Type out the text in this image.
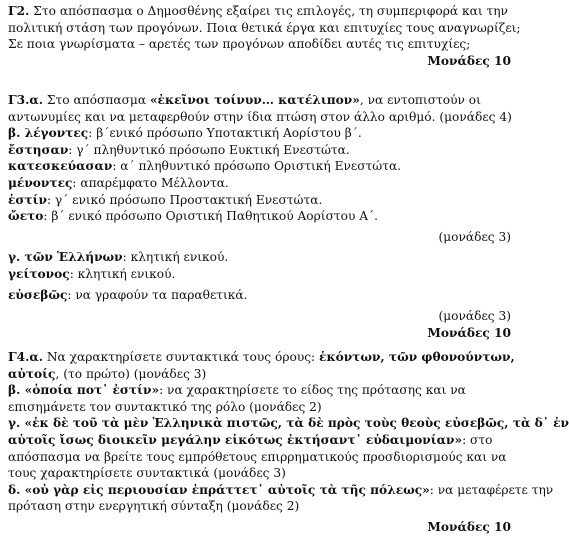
Γ2. Στο απόσπασμα ο Δημοσθένης εξαίρει τις επιλογές, τη συμπεριφορά και την
πολιτική στάση των προγόνων. Ποια θετικά έργα και επιτυχίες τους αναγνωρίζει;
Σε ποια γνωρίσματα – αρετές των προγόνων αποδίδει αυτές τις επιτυχίες;

Μονάδες 10
Γ3.α. Στο απόσπασμα «ἐκεῖνοι τοίνυν… κατέλιπον», να εντοπιστούν οι
αντωνυμίες και να μεταφερθούν στην ίδια πτώση στον άλλο αριθμό. (μονάδες 4)
β. λέγοντες: β΄ενικό πρόσωπο Υποτακτική Αορίστου β΄.
ἔστησαν: γ΄ πληθυντικό πρόσωπο Ευκτική Ενεστώτα.
κατεσκεύασαν: α΄ πληθυντικό πρόσωπο Οριστική Ενεστώτα.
μένοντες: απαρέμφατο Μέλλοντα.
ἐστίν: γ΄ ενικό πρόσωπο Προστακτική Ενεστώτα.
ὤετο: β΄ ενικό πρόσωπο Οριστική Παθητικού Αορίστου Α΄.
(μονάδες 3)
γ. τῶν Ἑλλήνων: κλητική ενικού.
γείτονος: κλητική ενικού.
εὐσεβῶς: να γραφούν τα παραθετικά.
(μονάδες 3)
Μονάδες 10
Γ4.α. Να χαρακτηρίσετε συντακτικά τους όρους: ἑκόντων, τῶν φθονούντων,
αὐτοίς, (το πρώτο) (μονάδες 3)
β. «ὁποία ποτ᾽ ἐστίν»: να χαρακτηρίσετε το είδος της πρότασης και να
επισημάνετε τον συντακτικό της ρόλο (μονάδες 2)
γ. «ἐκ δὲ τοῦ τὰ μὲν Ἑλληνικὰ πιστῶς, τὰ δὲ πρὸς τοὺς θεοὺς εὐσεβῶς, τὰ δ᾽ ἐν
αὑτοῖς ἴσως διοικεῖν μεγάλην εἰκότως ἐκτήσαντ᾽ εὐδαιμονίαν»: στο
απόσπασμα να βρείτε τους εμπρόθετους επιρρηματικούς προσδιορισμούς και να
τους χαρακτηρίσετε συντακτικά (μονάδες 3)
δ. «οὐ γὰρ εἰς περιουσίαν ἐπράττετ᾽ αὐτοῖς τὰ τῆς πόλεως»: να μεταφέρετε την
πρόταση στην ενεργητική σύνταξη (μονάδες 2)
Μονάδες 10
